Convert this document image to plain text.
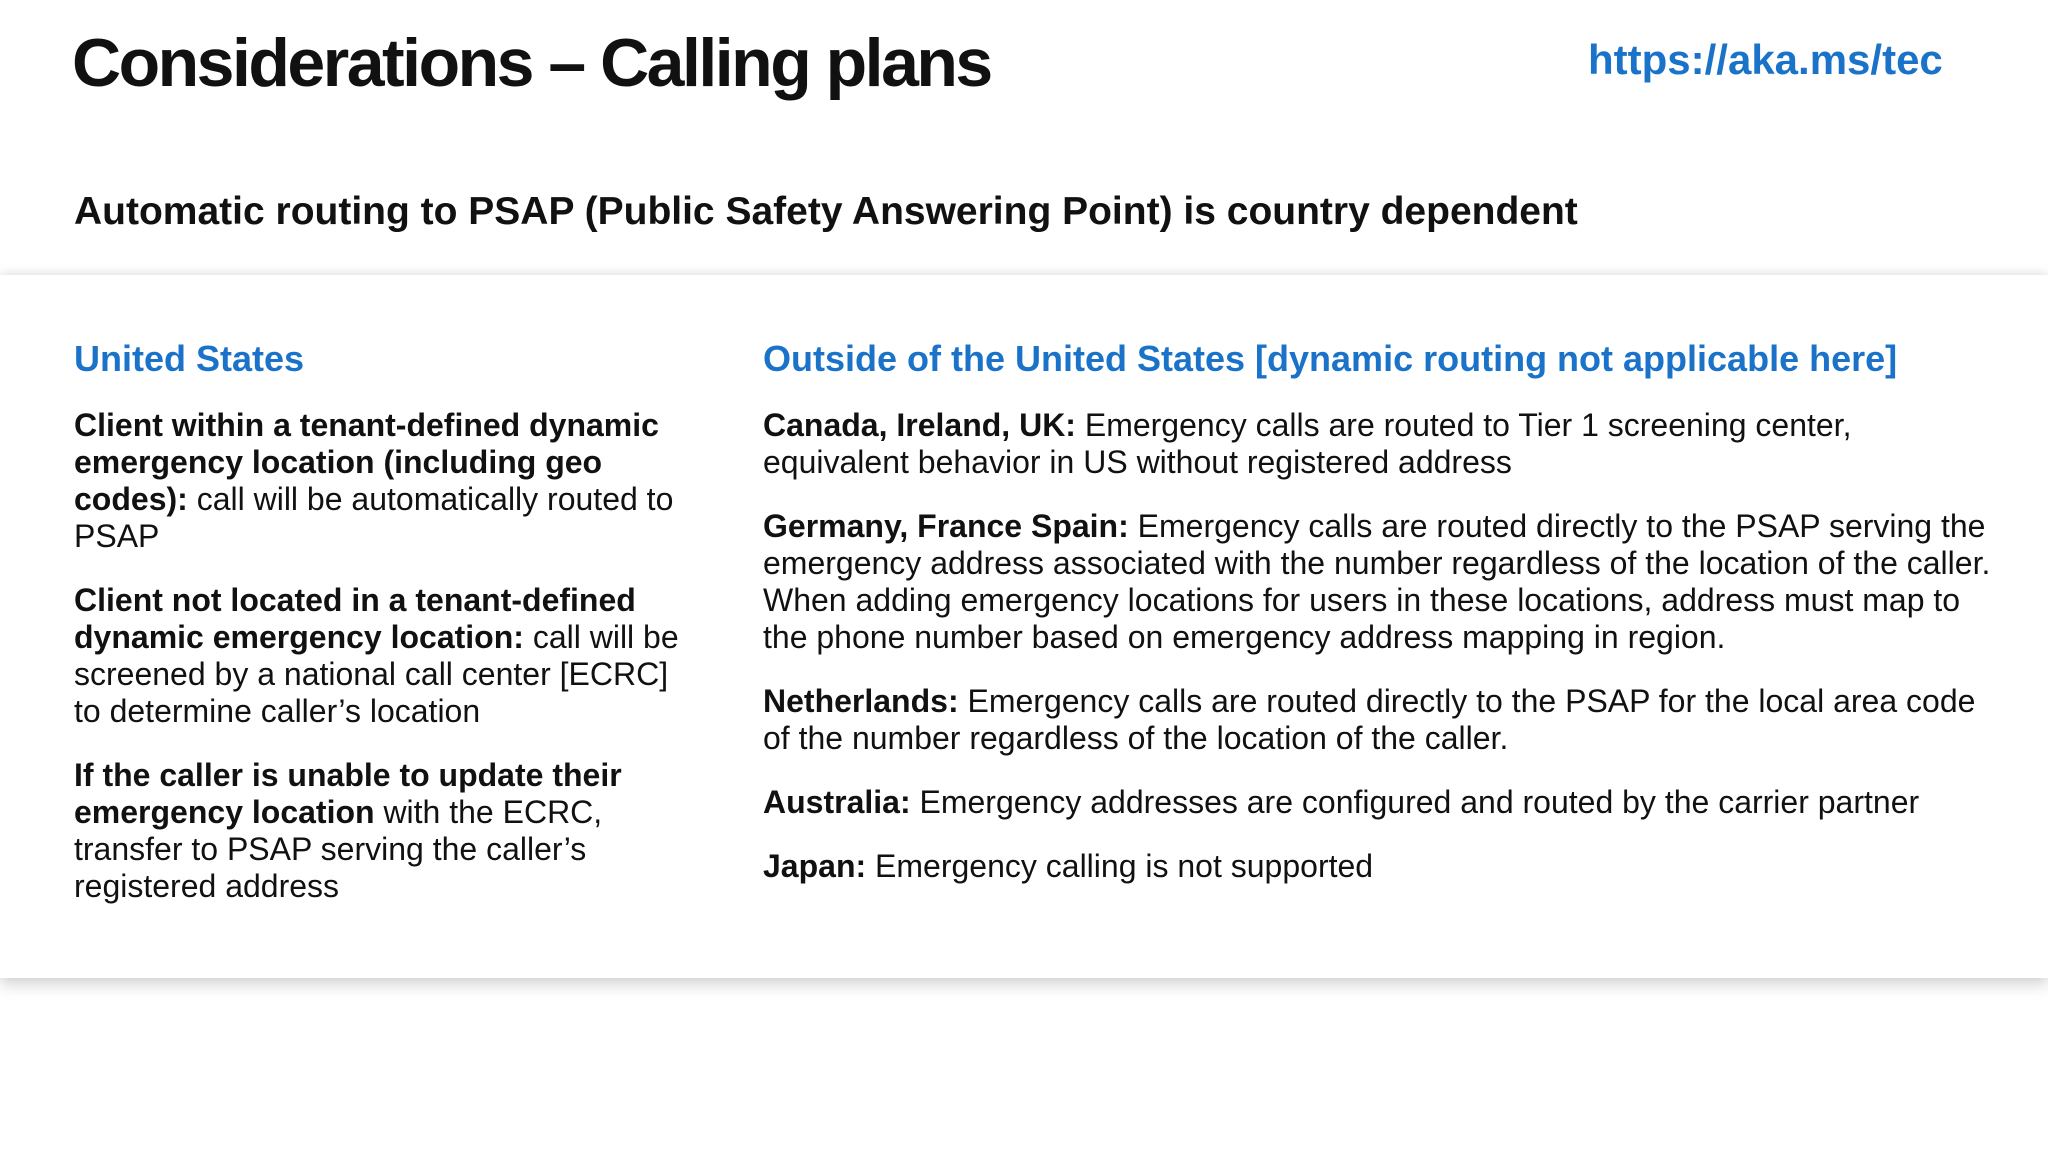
Considerations – Calling plans	https://aka.ms/tec
Automatic routing to PSAP (Public Safety Answering Point) is country dependent
United States

Client within a tenant-defined dynamic emergency location (including geo codes): call will be automatically routed to PSAP

Client not located in a tenant-defined dynamic emergency location: call will be screened by a national call center [ECRC] to determine caller’s location

If the caller is unable to update their emergency location with the ECRC, transfer to PSAP serving the caller’s registered address

Outside of the United States [dynamic routing not applicable here]

Canada, Ireland, UK: Emergency calls are routed to Tier 1 screening center, equivalent behavior in US without registered address

Germany, France Spain: Emergency calls are routed directly to the PSAP serving the emergency address associated with the number regardless of the location of the caller. When adding emergency locations for users in these locations, address must map to the phone number based on emergency address mapping in region.

Netherlands: Emergency calls are routed directly to the PSAP for the local area code of the number regardless of the location of the caller.

Australia: Emergency addresses are configured and routed by the carrier partner

Japan: Emergency calling is not supported
